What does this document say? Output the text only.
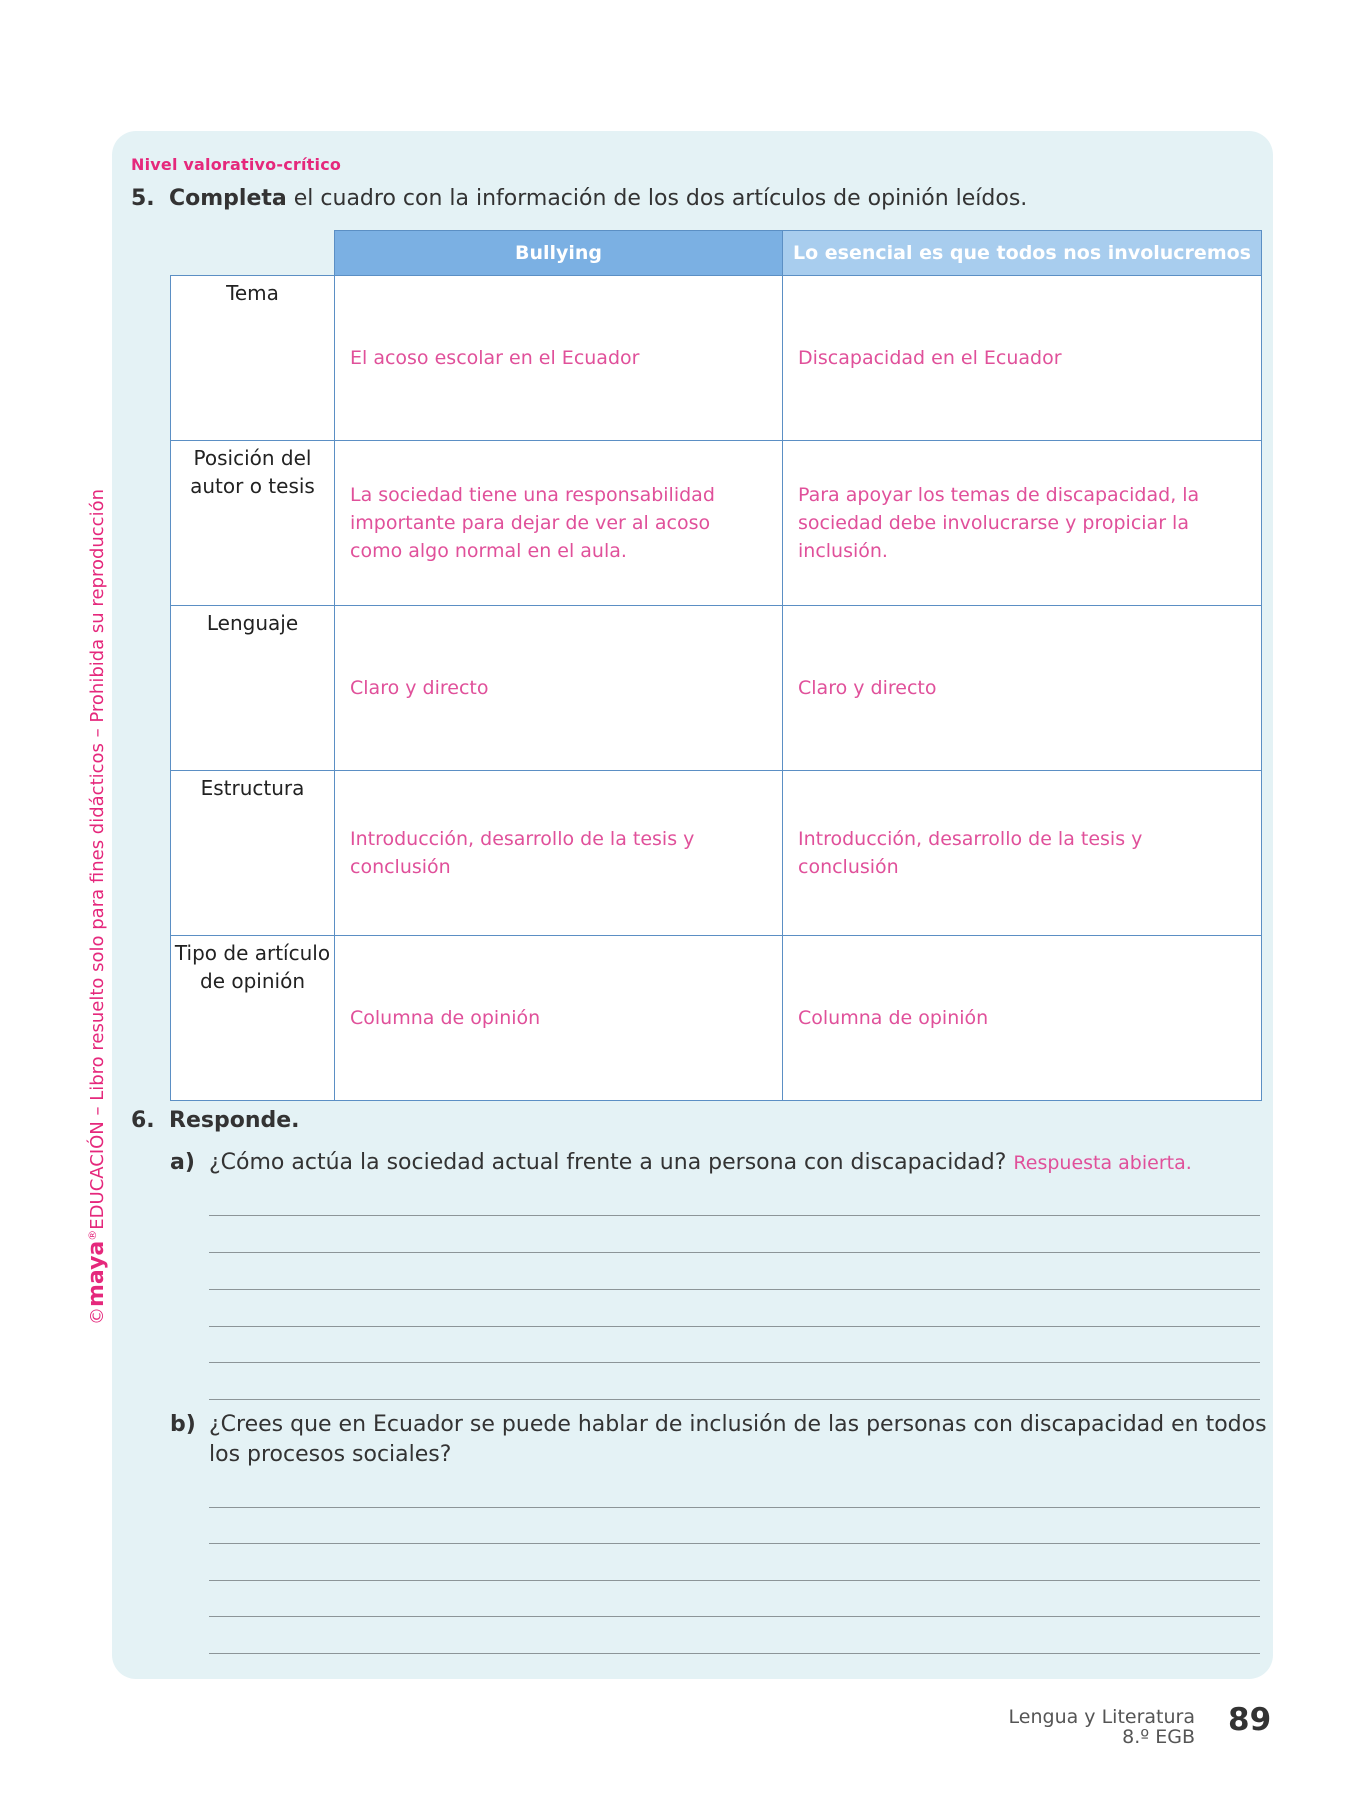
Nivel valorativo-crítico
5. Completa el cuadro con la información de los dos artículos de opinión leídos.
	Bullying	Lo esencial es que todos nos involucremos
Tema	El acoso escolar en el Ecuador	Discapacidad en el Ecuador

Posición del autor o tesis	La sociedad tiene una responsabilidad importante para dejar de ver al acoso como algo normal en el aula.	Para apoyar los temas de discapacidad, la sociedad debe involucrarse y propiciar la inclusión.

Lenguaje	Claro y directo	Claro y directo

Estructura	Introducción, desarrollo de la tesis y conclusión	Introducción, desarrollo de la tesis y conclusión

Tipo de artículo de opinión	Columna de opinión	Columna de opinión
6. Responde.
a) ¿Cómo actúa la sociedad actual frente a una persona con discapacidad? Respuesta abierta.
b) ¿Crees que en Ecuador se puede hablar de inclusión de las personas con discapacidad en todos los procesos sociales?
©maya®EDUCACIÓN – Libro resuelto solo para fines didácticos – Prohibida su reproducción
Lengua y Literatura
8.º EGB 89
